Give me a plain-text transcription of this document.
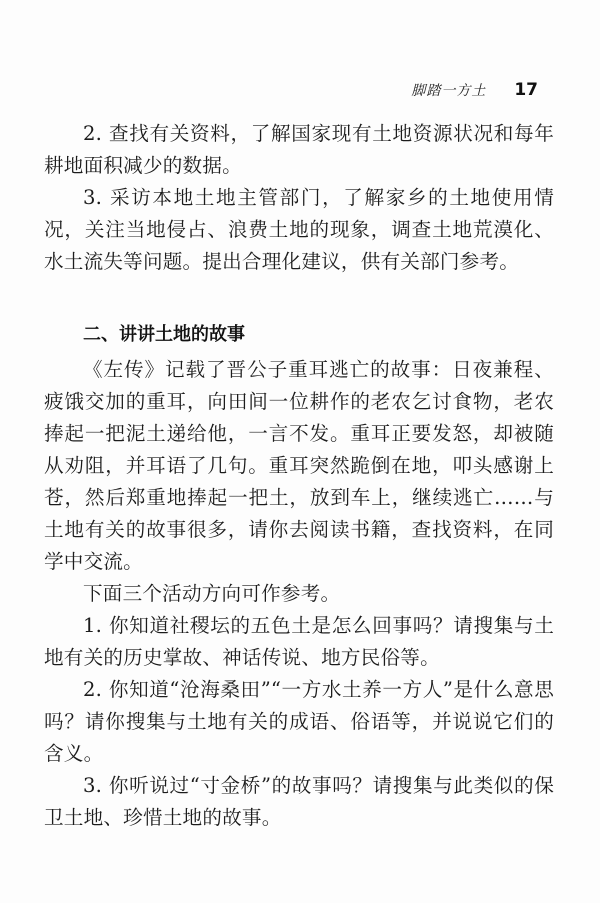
脚踏一方土 17

2. 查找有关资料，了解国家现有土地资源状况和每年耕地面积减少的数据。

3. 采访本地土地主管部门，了解家乡的土地使用情况，关注当地侵占、浪费土地的现象，调查土地荒漠化、水土流失等问题。提出合理化建议，供有关部门参考。

二、讲讲土地的故事

《左传》记载了晋公子重耳逃亡的故事：日夜兼程、疲饿交加的重耳，向田间一位耕作的老农乞讨食物，老农捧起一把泥土递给他，一言不发。重耳正要发怒，却被随从劝阻，并耳语了几句。重耳突然跪倒在地，叩头感谢上苍，然后郑重地捧起一把土，放到车上，继续逃亡……与土地有关的故事很多，请你去阅读书籍，查找资料，在同学中交流。

下面三个活动方向可作参考。

1. 你知道社稷坛的五色土是怎么回事吗？请搜集与土地有关的历史掌故、神话传说、地方民俗等。

2. 你知道“沧海桑田”“一方水土养一方人”是什么意思吗？请你搜集与土地有关的成语、俗语等，并说说它们的含义。

3. 你听说过“寸金桥”的故事吗？请搜集与此类似的保卫土地、珍惜土地的故事。
